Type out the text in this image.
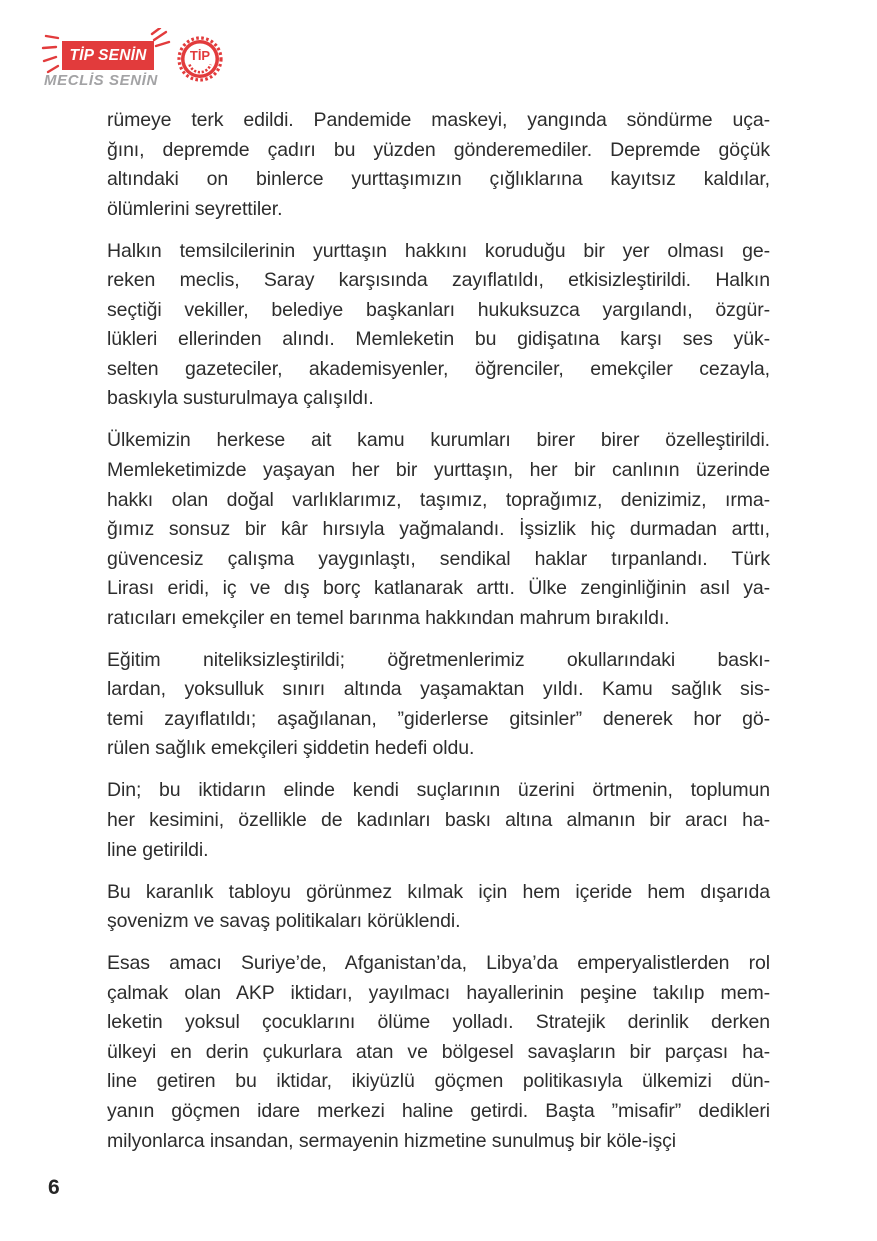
TİP SENİN
MECLİS SENİN
TİP
rümeye terk edildi. Pandemide maskeyi, yangında söndürme uça-
ğını, depremde çadırı bu yüzden gönderemediler. Depremde göçük
altındaki on binlerce yurttaşımızın çığlıklarına kayıtsız kaldılar,
ölümlerini seyrettiler.
Halkın temsilcilerinin yurttaşın hakkını koruduğu bir yer olması ge-
reken meclis, Saray karşısında zayıflatıldı, etkisizleştirildi. Halkın
seçtiği vekiller, belediye başkanları hukuksuzca yargılandı, özgür-
lükleri ellerinden alındı. Memleketin bu gidişatına karşı ses yük-
selten gazeteciler, akademisyenler, öğrenciler, emekçiler cezayla,
baskıyla susturulmaya çalışıldı.
Ülkemizin herkese ait kamu kurumları birer birer özelleştirildi.
Memleketimizde yaşayan her bir yurttaşın, her bir canlının üzerinde
hakkı olan doğal varlıklarımız, taşımız, toprağımız, denizimiz, ırma-
ğımız sonsuz bir kâr hırsıyla yağmalandı. İşsizlik hiç durmadan arttı,
güvencesiz çalışma yaygınlaştı, sendikal haklar tırpanlandı. Türk
Lirası eridi, iç ve dış borç katlanarak arttı. Ülke zenginliğinin asıl ya-
ratıcıları emekçiler en temel barınma hakkından mahrum bırakıldı.
Eğitim niteliksizleştirildi; öğretmenlerimiz okullarındaki baskı-
lardan, yoksulluk sınırı altında yaşamaktan yıldı. Kamu sağlık sis-
temi zayıflatıldı; aşağılanan, ”giderlerse gitsinler” denerek hor gö-
rülen sağlık emekçileri şiddetin hedefi oldu.
Din; bu iktidarın elinde kendi suçlarının üzerini örtmenin, toplumun
her kesimini, özellikle de kadınları baskı altına almanın bir aracı ha-
line getirildi.
Bu karanlık tabloyu görünmez kılmak için hem içeride hem dışarıda
şovenizm ve savaş politikaları körüklendi.
Esas amacı Suriye’de, Afganistan’da, Libya’da emperyalistlerden rol
çalmak olan AKP iktidarı, yayılmacı hayallerinin peşine takılıp mem-
leketin yoksul çocuklarını ölüme yolladı. Stratejik derinlik derken
ülkeyi en derin çukurlara atan ve bölgesel savaşların bir parçası ha-
line getiren bu iktidar, ikiyüzlü göçmen politikasıyla ülkemizi dün-
yanın göçmen idare merkezi haline getirdi. Başta ”misafir” dedikleri
milyonlarca insandan, sermayenin hizmetine sunulmuş bir köle-işçi
6
